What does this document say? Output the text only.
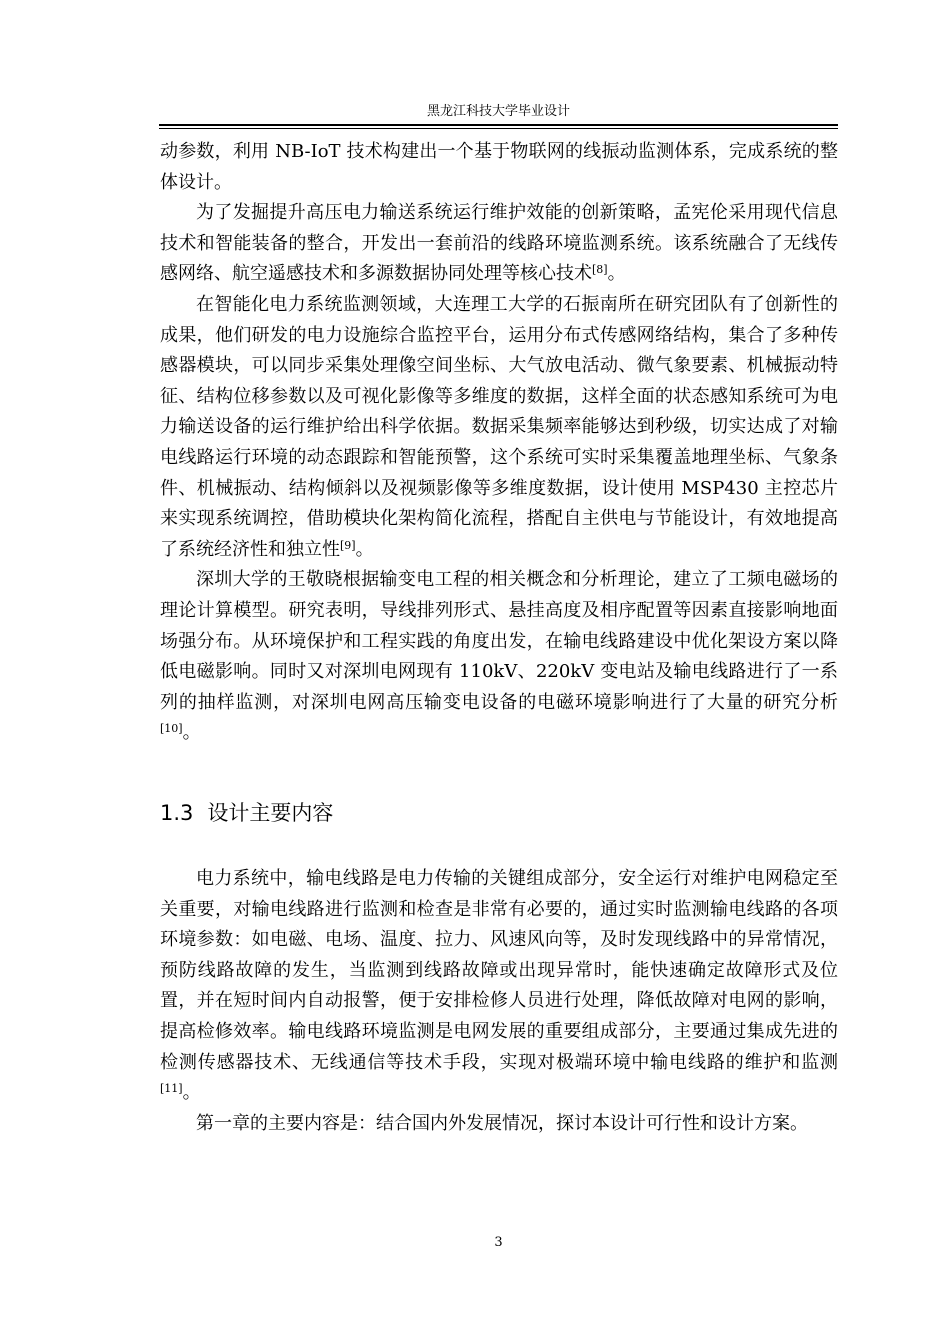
黑龙江科技大学毕业设计

动参数，利用 NB-IoT 技术构建出一个基于物联网的线振动监测体系，完成系统的整体设计。

为了发掘提升高压电力输送系统运行维护效能的创新策略，孟宪伦采用现代信息技术和智能装备的整合，开发出一套前沿的线路环境监测系统。该系统融合了无线传感网络、航空遥感技术和多源数据协同处理等核心技术[8]。

在智能化电力系统监测领域，大连理工大学的石振南所在研究团队有了创新性的成果，他们研发的电力设施综合监控平台，运用分布式传感网络结构，集合了多种传感器模块，可以同步采集处理像空间坐标、大气放电活动、微气象要素、机械振动特征、结构位移参数以及可视化影像等多维度的数据，这样全面的状态感知系统可为电力输送设备的运行维护给出科学依据。数据采集频率能够达到秒级，切实达成了对输电线路运行环境的动态跟踪和智能预警，这个系统可实时采集覆盖地理坐标、气象条件、机械振动、结构倾斜以及视频影像等多维度数据，设计使用 MSP430 主控芯片来实现系统调控，借助模块化架构简化流程，搭配自主供电与节能设计，有效地提高了系统经济性和独立性[9]。

深圳大学的王敬晓根据输变电工程的相关概念和分析理论，建立了工频电磁场的理论计算模型。研究表明，导线排列形式、悬挂高度及相序配置等因素直接影响地面场强分布。从环境保护和工程实践的角度出发，在输电线路建设中优化架设方案以降低电磁影响。同时又对深圳电网现有 110kV、220kV 变电站及输电线路进行了一系列的抽样监测，对深圳电网高压输变电设备的电磁环境影响进行了大量的研究分析[10]。

1.3 设计主要内容

电力系统中，输电线路是电力传输的关键组成部分，安全运行对维护电网稳定至关重要，对输电线路进行监测和检查是非常有必要的，通过实时监测输电线路的各项环境参数：如电磁、电场、温度、拉力、风速风向等，及时发现线路中的异常情况，预防线路故障的发生，当监测到线路故障或出现异常时，能快速确定故障形式及位置，并在短时间内自动报警，便于安排检修人员进行处理，降低故障对电网的影响，提高检修效率。输电线路环境监测是电网发展的重要组成部分，主要通过集成先进的检测传感器技术、无线通信等技术手段，实现对极端环境中输电线路的维护和监测[11]。

第一章的主要内容是：结合国内外发展情况，探讨本设计可行性和设计方案。

3
